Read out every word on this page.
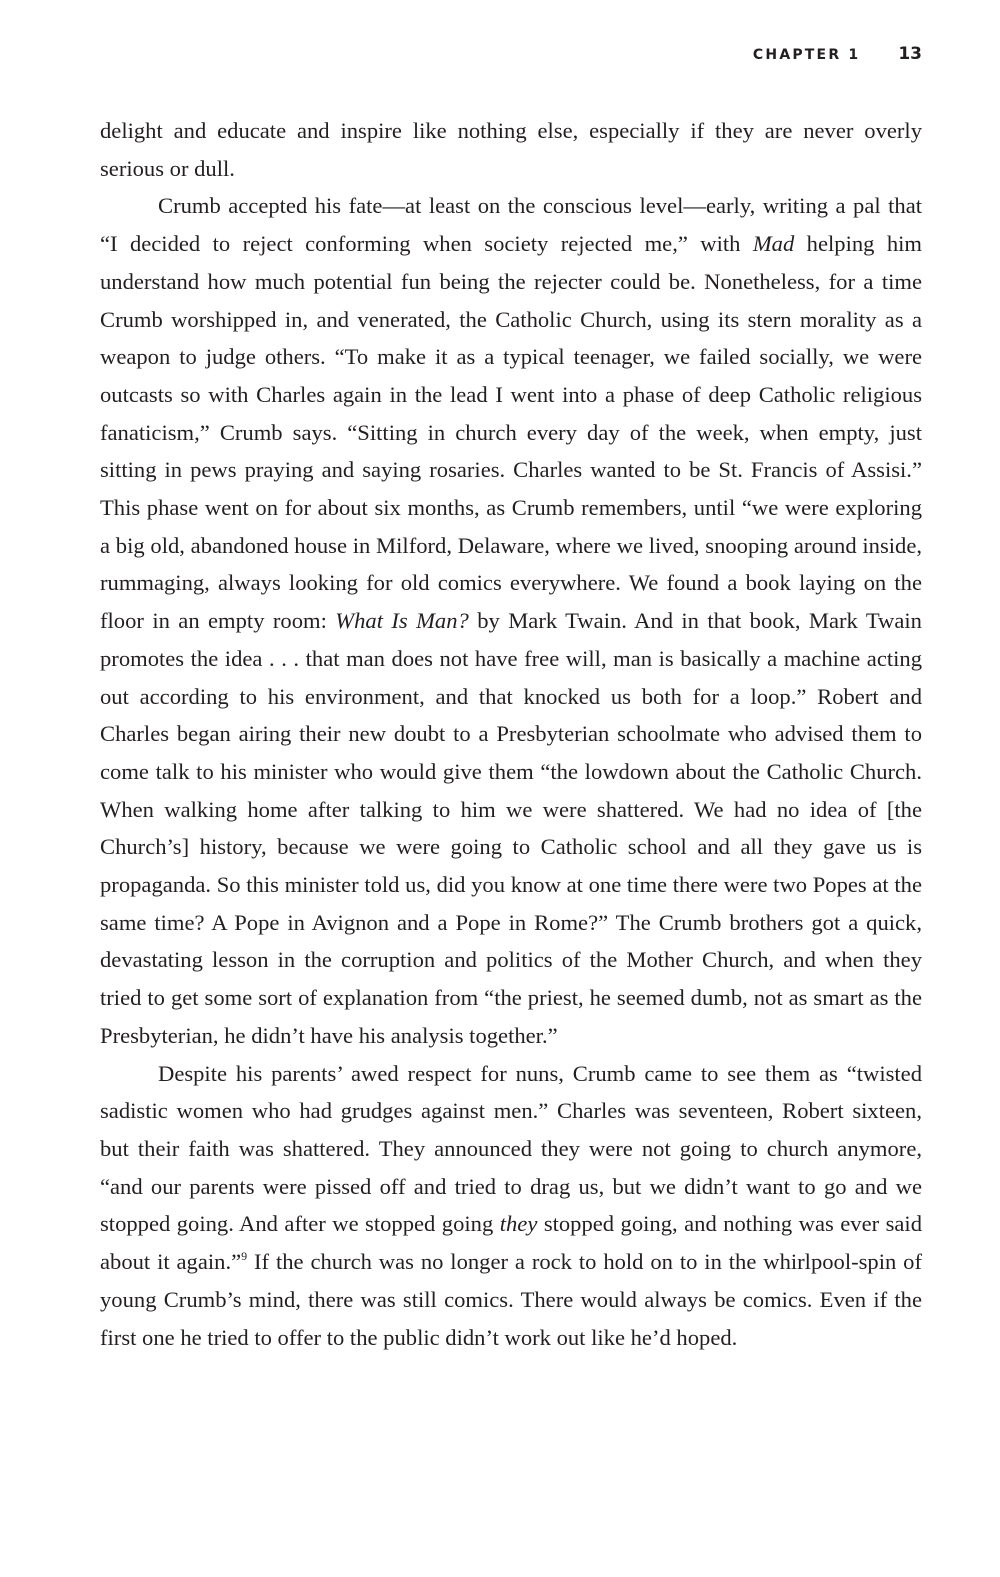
CHAPTER 1 13

delight and educate and inspire like nothing else, especially if they are never overly serious or dull.

Crumb accepted his fate—at least on the conscious level—early, writing a pal that “I decided to reject conforming when society rejected me,” with Mad helping him understand how much potential fun being the rejecter could be. Nonetheless, for a time Crumb worshipped in, and venerated, the Catholic Church, using its stern morality as a weapon to judge others. “To make it as a typical teenager, we failed socially, we were outcasts so with Charles again in the lead I went into a phase of deep Catholic religious fanaticism,” Crumb says. “Sitting in church every day of the week, when empty, just sitting in pews praying and saying rosaries. Charles wanted to be St. Francis of Assisi.” This phase went on for about six months, as Crumb remembers, until “we were exploring a big old, abandoned house in Milford, Delaware, where we lived, snooping around inside, rummaging, always looking for old comics everywhere. We found a book laying on the floor in an empty room: What Is Man? by Mark Twain. And in that book, Mark Twain promotes the idea . . . that man does not have free will, man is basically a machine acting out according to his environment, and that knocked us both for a loop.” Robert and Charles began airing their new doubt to a Presbyterian schoolmate who advised them to come talk to his minister who would give them “the lowdown about the Catholic Church. When walking home after talking to him we were shattered. We had no idea of [the Church’s] history, because we were going to Catholic school and all they gave us is propaganda. So this minister told us, did you know at one time there were two Popes at the same time? A Pope in Avignon and a Pope in Rome?” The Crumb brothers got a quick, devastating lesson in the corruption and politics of the Mother Church, and when they tried to get some sort of explanation from “the priest, he seemed dumb, not as smart as the Presbyterian, he didn’t have his analysis together.”

Despite his parents’ awed respect for nuns, Crumb came to see them as “twisted sadistic women who had grudges against men.” Charles was seventeen, Robert sixteen, but their faith was shattered. They announced they were not going to church anymore, “and our parents were pissed off and tried to drag us, but we didn’t want to go and we stopped going. And after we stopped going they stopped going, and nothing was ever said about it again.”$^9$ If the church was no longer a rock to hold on to in the whirlpool-spin of young Crumb’s mind, there was still comics. There would always be comics. Even if the first one he tried to offer to the public didn’t work out like he’d hoped.
